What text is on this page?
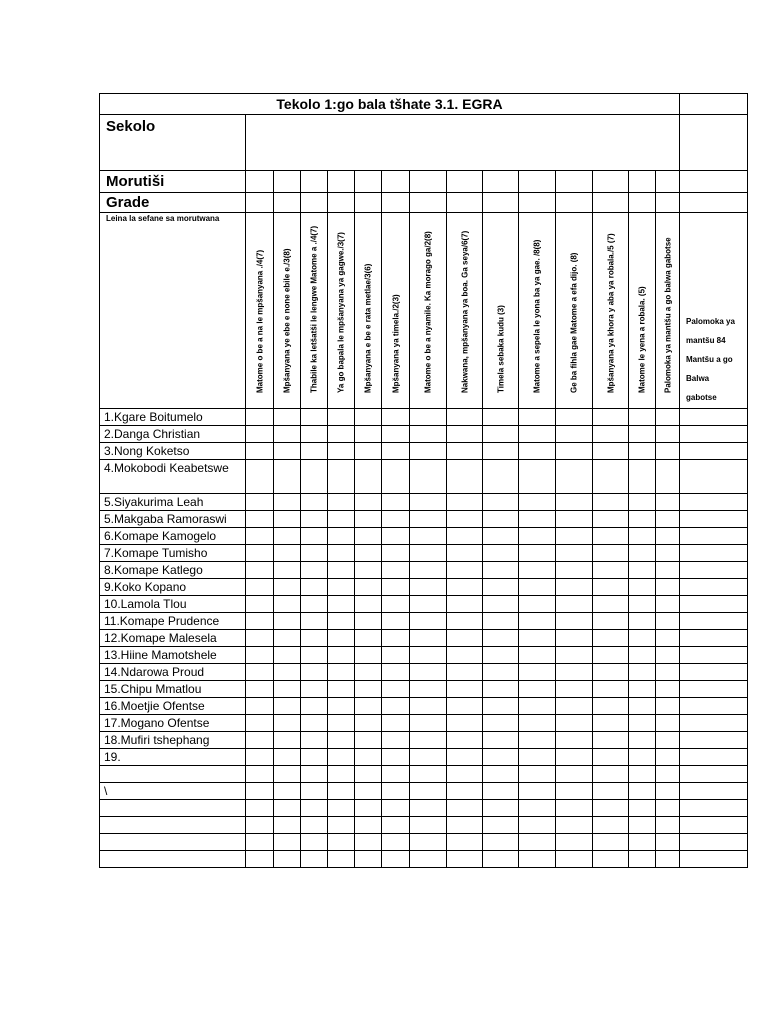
Tekolo 1:go bala tšhate 3.1. EGRA															
Sekolo															
Morutiši															
Grade															
Leina la sefane sa morutwana	Matome o be a na le mpšanyana ./4(7)	Mpšanyana ye ebe e none ebile e./3(8)	Thabile ka letšatši le lengwe Matome a ./4(7)	Ya go bapala le mpšanyana ya gagwe./3(7)	Mpšanyana e be e rata metlae/3(6)	Mpšanyana ya timela./2(3)	Matome o be a nyamile. Ka morago ga/2(8)	Nakwana, mpšanyana ya boa. Ga seya/6(7)	Timela sebaka kudu (3)	Matome a sepela le yona ba ya gae. /8(8)	Ge ba fihla gae Matome a efa dijo. (8)	Mpšanyana ya khora y aba ya robala./5 (7)	Matome le yena a robala. (5)	Palomoka ya mantšu a go balwa gabotse	Palomoka ya
mantšu 84
Mantšu a go
Balwa
gabotse

1.Kgare Boitumelo															
2.Danga Christian															
3.Nong Koketso															
4.Mokobodi Keabetswe															
5.Siyakurima Leah															
5.Makgaba Ramoraswi															
6.Komape Kamogelo															
7.Komape Tumisho															
8.Komape Katlego															
9.Koko Kopano															
10.Lamola Tlou															
11.Komape Prudence															
12.Komape Malesela															
13.Hiine Mamotshele															
14.Ndarowa Proud															
15.Chipu Mmatlou															
16.Moetjie Ofentse															
17.Mogano Ofentse															
18.Mufiri tshephang															
19.															

\															
